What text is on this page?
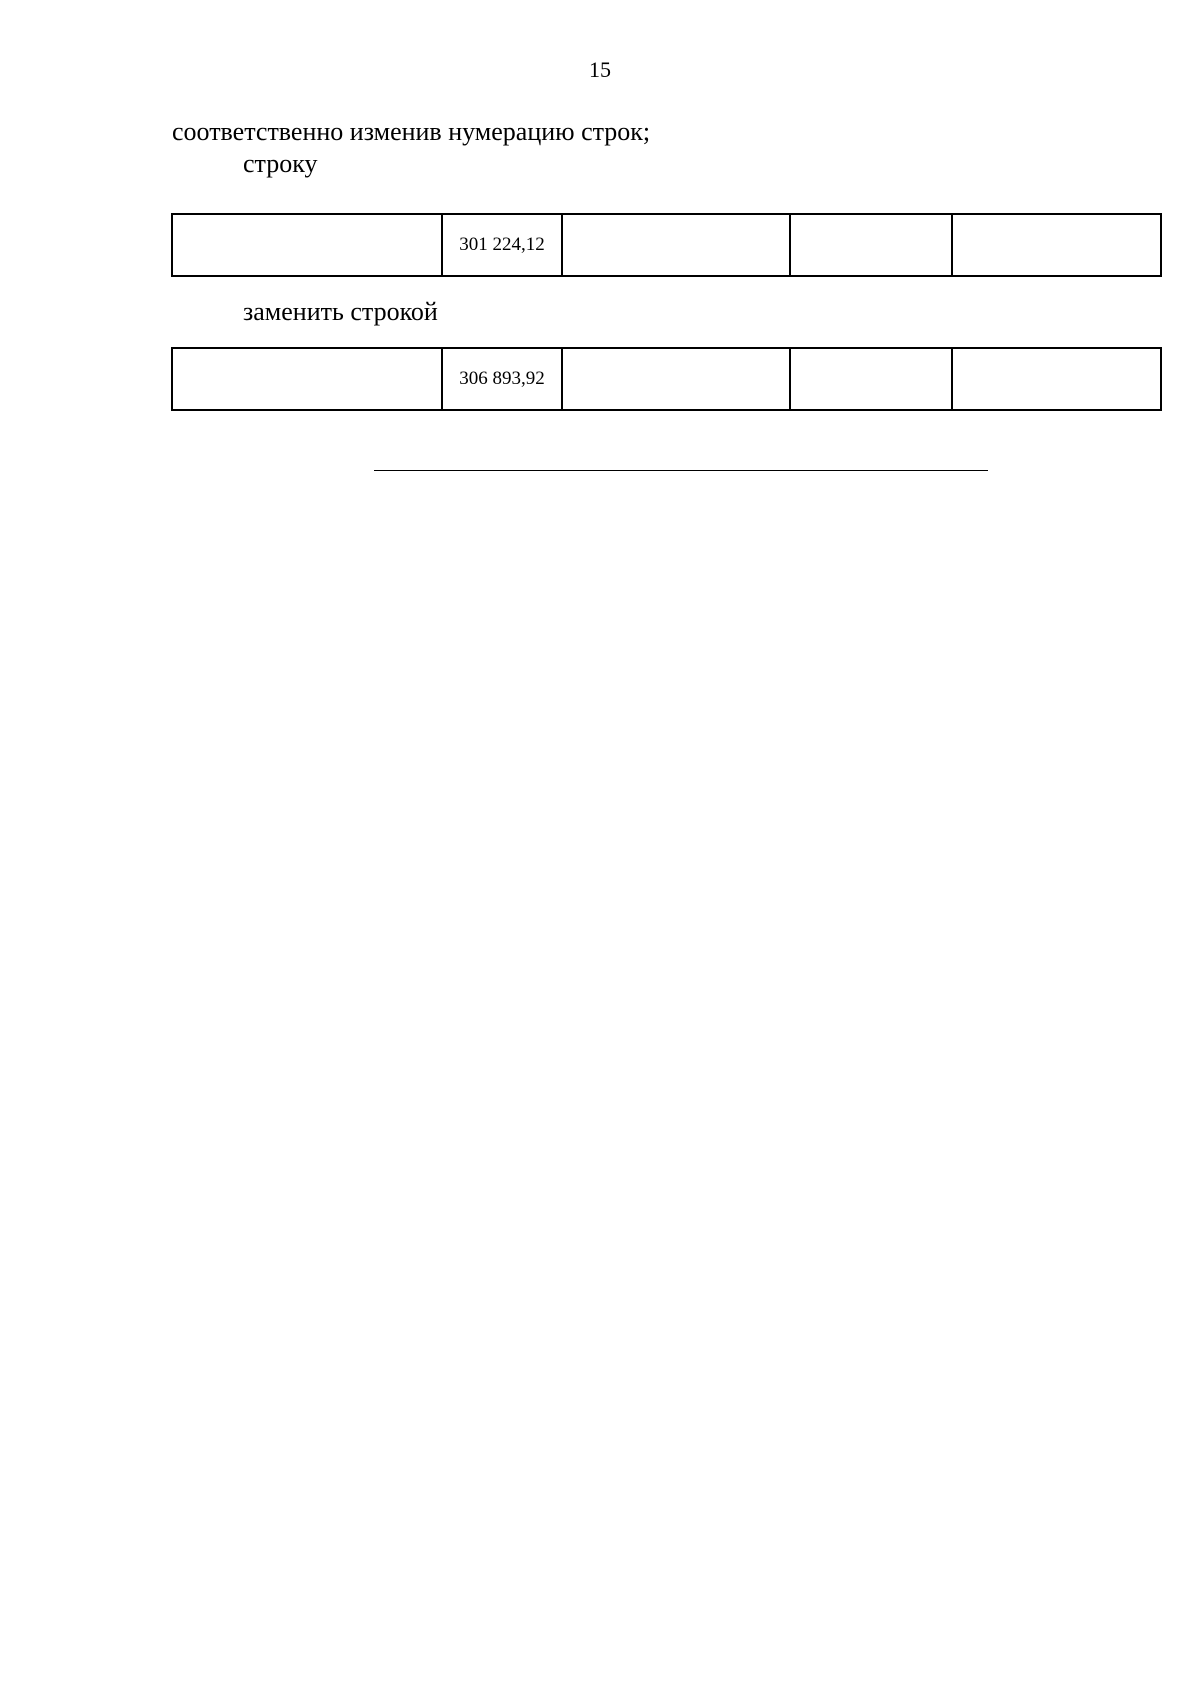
15
соответственно изменив нумерацию строк;
строку
	301 224,12			
заменить строкой
	306 893,92			
